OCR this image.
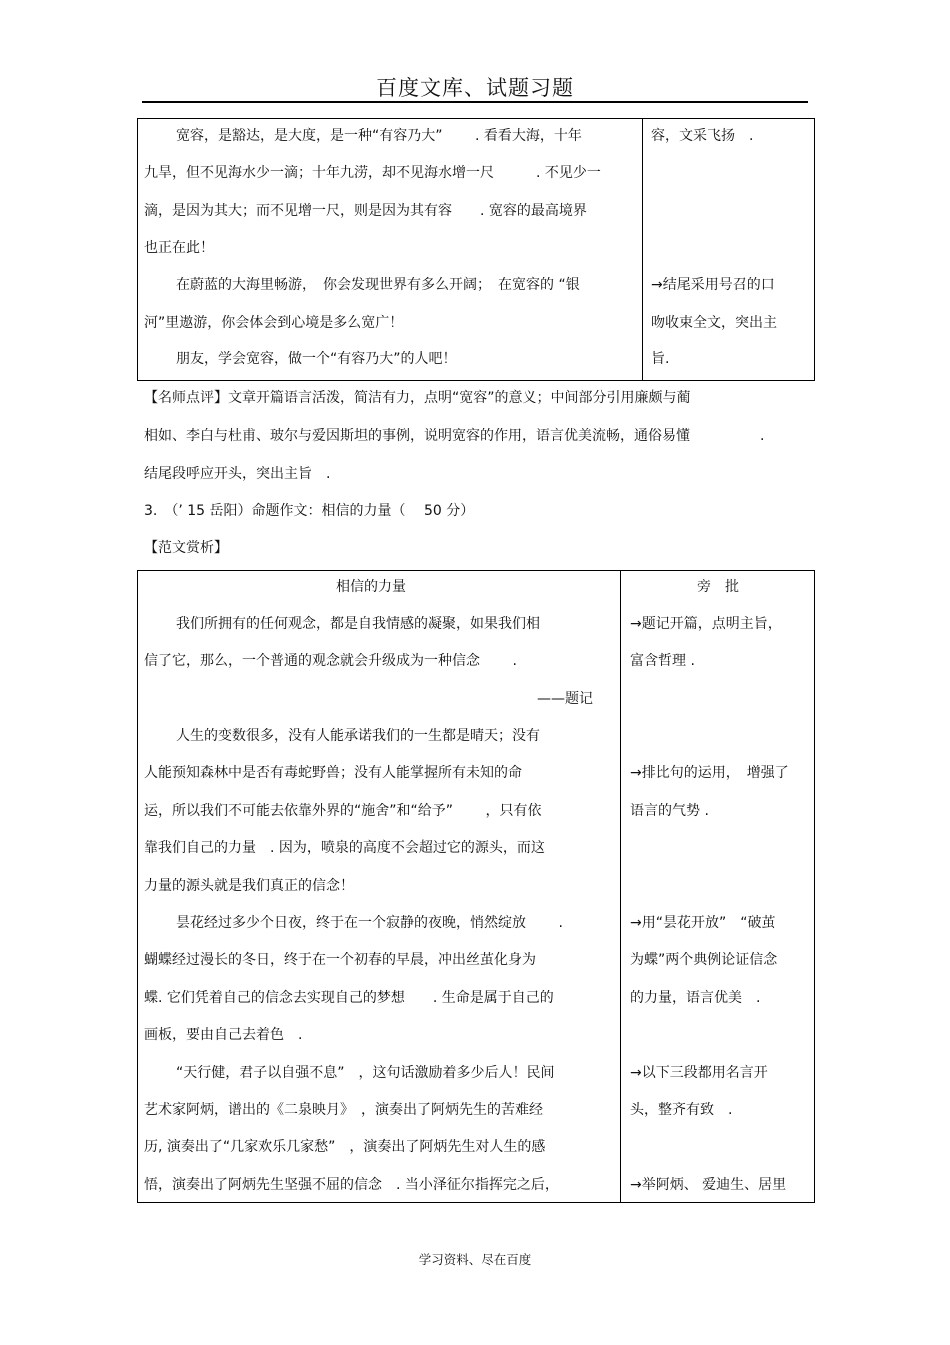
百度文库、试题习题
宽容，是豁达，是大度，是一种“有容乃大”　　 . 看看大海，十年
九旱，但不见海水少一滴；十年九涝，却不见海水增一尺　　　. 不见少一
滴，是因为其大；而不见增一尺，则是因为其有容　　. 宽容的最高境界
也正在此！
在蔚蓝的大海里畅游，　你会发现世界有多么开阔；　在宽容的 “银
河”里遨游，你会体会到心境是多么宽广！
朋友，学会宽容，做一个“有容乃大”的人吧！
容，文采飞扬　.
→结尾采用号召的口
吻收束全文，突出主
旨.
【名师点评】文章开篇语言活泼，简洁有力，点明“宽容”的意义；中间部分引用廉颇与蔺
相如、李白与杜甫、玻尔与爱因斯坦的事例，说明宽容的作用，语言优美流畅，通俗易懂　　　　　.
结尾段呼应开头，突出主旨　.
3.　（’ 15 岳阳）命题作文：相信的力量（　 50 分）
【范文赏析】
相信的力量	旁　批
我们所拥有的任何观念，都是自我情感的凝聚，如果我们相
信了它，那么，一个普通的观念就会升级成为一种信念　　 .
——题记
人生的变数很多，没有人能承诺我们的一生都是晴天；没有
人能预知森林中是否有毒蛇野兽；没有人能掌握所有未知的命
运，所以我们不可能去依靠外界的“施舍”和“给予”　　 ，只有依
靠我们自己的力量　. 因为，喷泉的高度不会超过它的源头，而这
力量的源头就是我们真正的信念！
昙花经过多少个日夜，终于在一个寂静的夜晚，悄然绽放　　 .
蝴蝶经过漫长的冬日，终于在一个初春的早晨，冲出丝茧化身为
蝶. 它们凭着自己的信念去实现自己的梦想　　. 生命是属于自己的
画板，要由自己去着色　.
“天行健，君子以自强不息”　，这句话激励着多少后人！民间
艺术家阿炳，谱出的《二泉映月》　，演奏出了阿炳先生的苦难经
历, 演奏出了“几家欢乐几家愁”　，演奏出了阿炳先生对人生的感
悟，演奏出了阿炳先生坚强不屈的信念　. 当小泽征尔指挥完之后，
→题记开篇，点明主旨，
富含哲理 .
→排比句的运用，　增强了
语言的气势 .
→用“昙花开放”　“破茧
为蝶”两个典例论证信念
的力量，语言优美　.
→以下三段都用名言开
头，整齐有致　.
→举阿炳、 爱迪生、居里
学习资料、尽在百度
